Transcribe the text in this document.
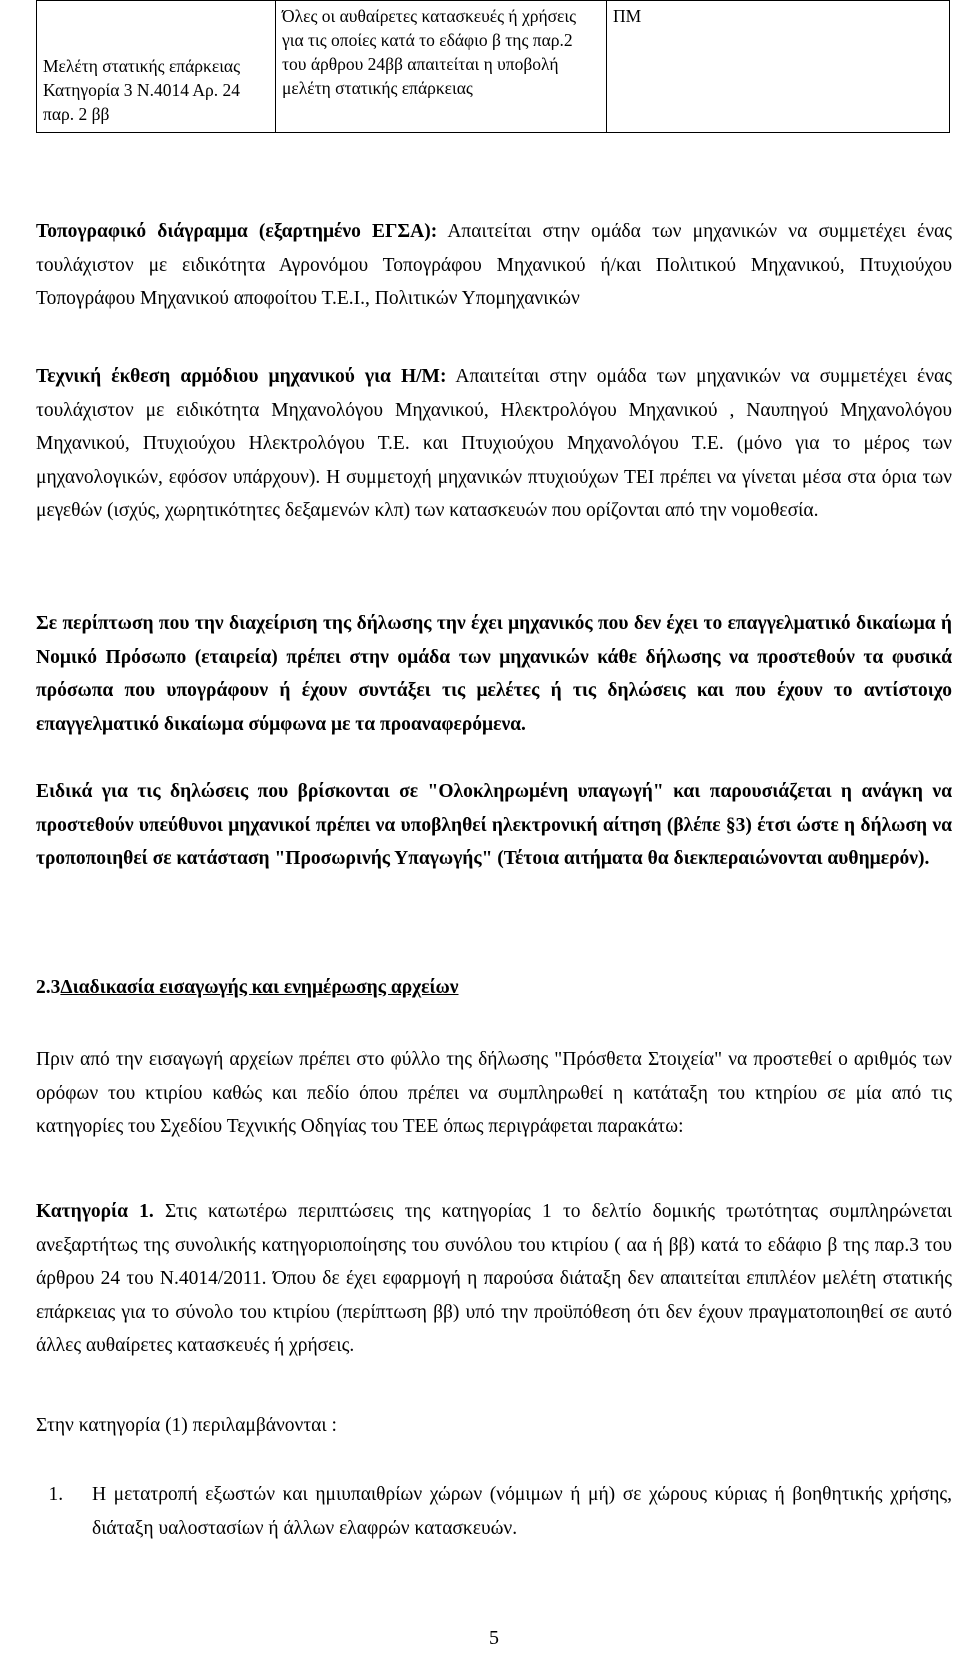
Μελέτη στατικής επάρκειας Κατηγορία 3 Ν.4014 Αρ. 24 παρ. 2 ββ	Όλες οι αυθαίρετες κατασκευές ή χρήσεις για τις οποίες κατά το εδάφιο β της παρ.2 του άρθρου 24ββ απαιτείται η υποβολή μελέτη στατικής επάρκειας	ΠΜ

Τοπογραφικό διάγραμμα (εξαρτημένο ΕΓΣΑ): Απαιτείται στην ομάδα των μηχανικών να συμμετέχει ένας τουλάχιστον με ειδικότητα Αγρονόμου Τοπογράφου Μηχανικού ή/και Πολιτικού Μηχανικού, Πτυχιούχου Τοπογράφου Μηχανικού αποφοίτου Τ.Ε.Ι., Πολιτικών Υπομηχανικών

Τεχνική έκθεση αρμόδιου μηχανικού για Η/Μ: Απαιτείται στην ομάδα των μηχανικών να συμμετέχει ένας τουλάχιστον με ειδικότητα Μηχανολόγου Μηχανικού, Ηλεκτρολόγου Μηχανικού , Ναυπηγού Μηχανολόγου Μηχανικού, Πτυχιούχου Ηλεκτρολόγου Τ.Ε. και Πτυχιούχου Μηχανολόγου Τ.Ε. (μόνο για το μέρος των μηχανολογικών, εφόσον υπάρχουν). Η συμμετοχή μηχανικών πτυχιούχων ΤΕΙ πρέπει να γίνεται μέσα στα όρια των μεγεθών (ισχύς, χωρητικότητες δεξαμενών κλπ) των κατασκευών που ορίζονται από την νομοθεσία.

Σε περίπτωση που την διαχείριση της δήλωσης την έχει μηχανικός που δεν έχει το επαγγελματικό δικαίωμα ή Νομικό Πρόσωπο (εταιρεία) πρέπει στην ομάδα των μηχανικών κάθε δήλωσης να προστεθούν τα φυσικά πρόσωπα που υπογράφουν ή έχουν συντάξει τις μελέτες ή τις δηλώσεις και που έχουν το αντίστοιχο επαγγελματικό δικαίωμα σύμφωνα με τα προαναφερόμενα.

Ειδικά για τις δηλώσεις που βρίσκονται σε "Ολοκληρωμένη υπαγωγή" και παρουσιάζεται η ανάγκη να προστεθούν υπεύθυνοι μηχανικοί πρέπει να υποβληθεί ηλεκτρονική αίτηση (βλέπε §3) έτσι ώστε η δήλωση να τροποποιηθεί σε κατάσταση "Προσωρινής Υπαγωγής" (Τέτοια αιτήματα θα διεκπεραιώνονται αυθημερόν).

2.3Διαδικασία εισαγωγής και ενημέρωσης αρχείων

Πριν από την εισαγωγή αρχείων πρέπει στο φύλλο της δήλωσης "Πρόσθετα Στοιχεία" να προστεθεί ο αριθμός των ορόφων του κτιρίου καθώς και πεδίο όπου πρέπει να συμπληρωθεί η κατάταξη του κτηρίου σε μία από τις κατηγορίες του Σχεδίου Τεχνικής Οδηγίας του ΤΕΕ όπως περιγράφεται παρακάτω:

Κατηγορία 1. Στις κατωτέρω περιπτώσεις της κατηγορίας 1 το δελτίο δομικής τρωτότητας συμπληρώνεται ανεξαρτήτως της συνολικής κατηγοριοποίησης του συνόλου του κτιρίου ( αα ή ββ) κατά το εδάφιο β της παρ.3 του άρθρου 24 του Ν.4014/2011. Όπου δε έχει εφαρμογή η παρούσα διάταξη δεν απαιτείται επιπλέον μελέτη στατικής επάρκειας για το σύνολο του κτιρίου (περίπτωση ββ) υπό την προϋπόθεση ότι δεν έχουν πραγματοποιηθεί σε αυτό άλλες αυθαίρετες κατασκευές ή χρήσεις.

Στην κατηγορία (1) περιλαμβάνονται :

1. Η μετατροπή εξωστών και ημιυπαιθρίων χώρων (νόμιμων ή μή) σε χώρους κύριας ή βοηθητικής χρήσης, διάταξη υαλοστασίων ή άλλων ελαφρών κατασκευών.
5
